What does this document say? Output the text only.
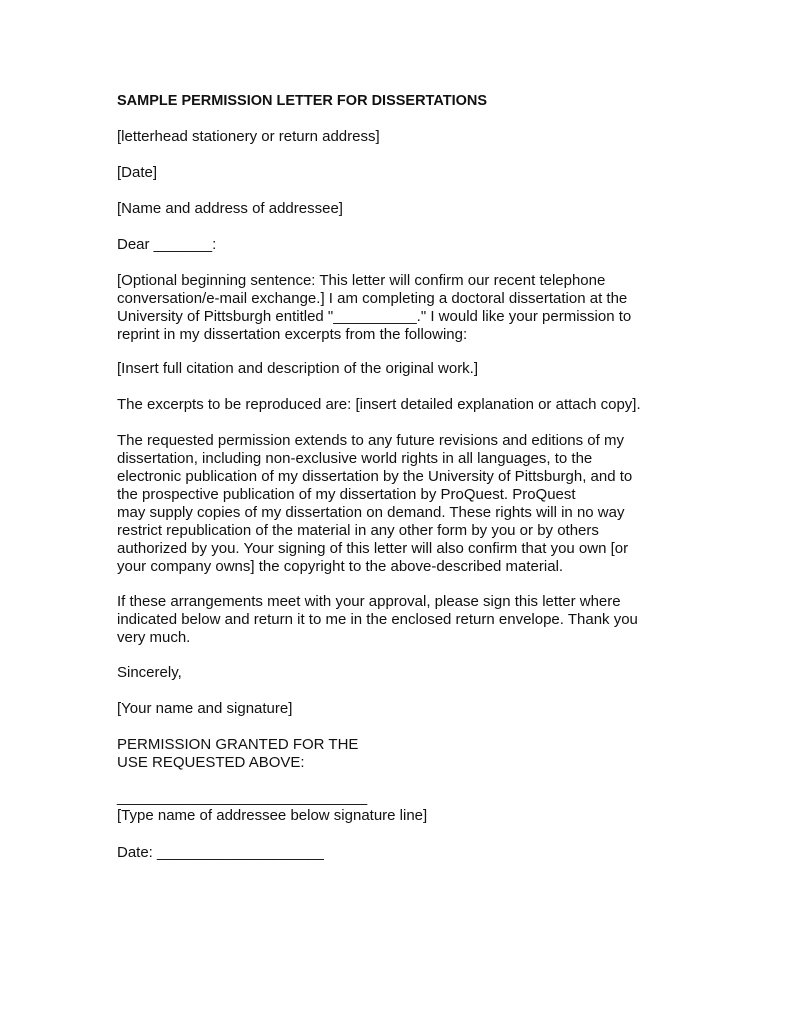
SAMPLE PERMISSION LETTER FOR DISSERTATIONS
[letterhead stationery or return address]
[Date]
[Name and address of addressee]
Dear _______:
[Optional beginning sentence: This letter will confirm our recent telephone
conversation/e-mail exchange.] I am completing a doctoral dissertation at the
University of Pittsburgh entitled "__________." I would like your permission to
reprint in my dissertation excerpts from the following:
[Insert full citation and description of the original work.]
The excerpts to be reproduced are: [insert detailed explanation or attach copy].
The requested permission extends to any future revisions and editions of my
dissertation, including non-exclusive world rights in all languages, to the
electronic publication of my dissertation by the University of Pittsburgh, and to
the prospective publication of my dissertation by ProQuest. ProQuest
may supply copies of my dissertation on demand. These rights will in no way
restrict republication of the material in any other form by you or by others
authorized by you. Your signing of this letter will also confirm that you own [or
your company owns] the copyright to the above-described material.
If these arrangements meet with your approval, please sign this letter where
indicated below and return it to me in the enclosed return envelope. Thank you
very much.
Sincerely,
[Your name and signature]
PERMISSION GRANTED FOR THE
USE REQUESTED ABOVE:
______________________________
[Type name of addressee below signature line]
Date: ____________________
